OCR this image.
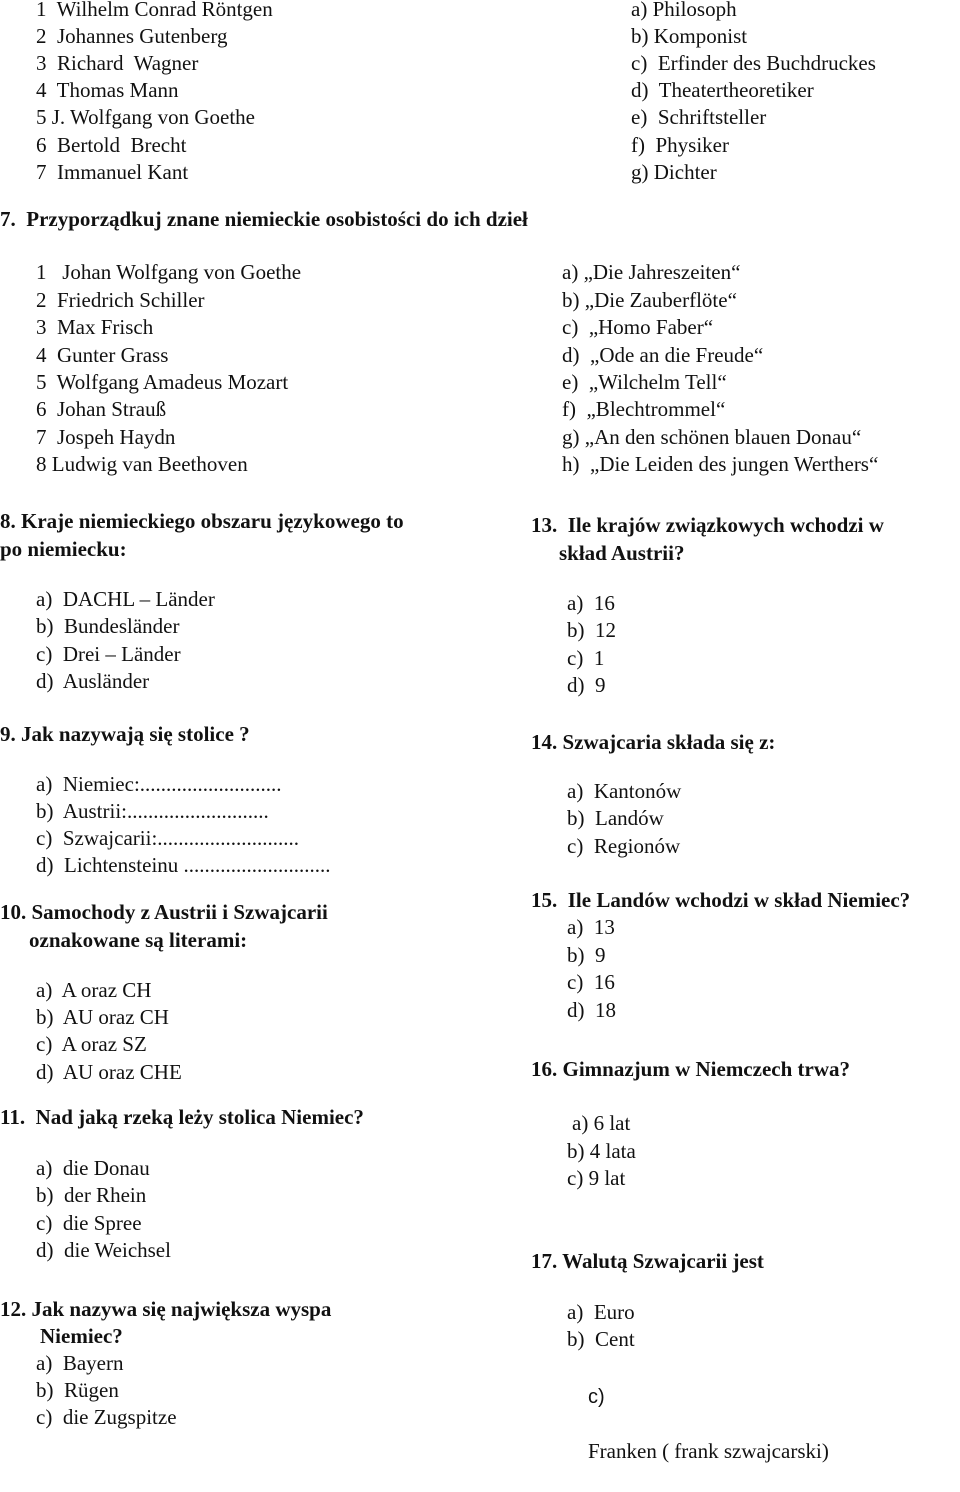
1  Wilhelm Conrad Röntgen
2  Johannes Gutenberg
3  Richard  Wagner
4  Thomas Mann
5 J. Wolfgang von Goethe
6  Bertold  Brecht
7  Immanuel Kant
a) Philosoph
b) Komponist
c)  Erfinder des Buchdruckes
d)  Theatertheoretiker
e)  Schriftsteller
f)  Physiker
g) Dichter
7.  Przyporządkuj znane niemieckie osobistości do ich dzieł
1   Johan Wolfgang von Goethe
2  Friedrich Schiller
3  Max Frisch
4  Gunter Grass
5  Wolfgang Amadeus Mozart
6  Johan Strauß
7  Jospeh Haydn
8 Ludwig van Beethoven
a) „Die Jahreszeiten“
b) „Die Zauberflöte“
c)  „Homo Faber“
d)  „Ode an die Freude“
e)  „Wilchelm Tell“
f)  „Blechtrommel“
g) „An den schönen blauen Donau“
h)  „Die Leiden des jungen Werthers“
8. Kraje niemieckiego obszaru językowego to
po niemiecku:
a)  DACHL – Länder
b)  Bundesländer
c)  Drei – Länder
d)  Ausländer
9. Jak nazywają się stolice ?
a)  Niemiec:...........................
b)  Austrii:...........................
c)  Szwajcarii:...........................
d)  Lichtensteinu ............................
10. Samochody z Austrii i Szwajcarii
oznakowane są literami:
a)  A oraz CH
b)  AU oraz CH
c)  A oraz SZ
d)  AU oraz CHE
11.  Nad jaką rzeką leży stolica Niemiec?
a)  die Donau
b)  der Rhein
c)  die Spree
d)  die Weichsel
12. Jak nazywa się największa wyspa
Niemiec?
a)  Bayern
b)  Rügen
c)  die Zugspitze
13.  Ile krajów związkowych wchodzi w
skład Austrii?
a)  16
b)  12
c)  1
d)  9
14. Szwajcaria składa się z:
a)  Kantonów
b)  Landów
c)  Regionów
15.  Ile Landów wchodzi w skład Niemiec?
a)  13
b)  9
c)  16
d)  18
16. Gimnazjum w Niemczech trwa?
a) 6 lat
b) 4 lata
c) 9 lat
17. Walutą Szwajcarii jest
a)  Euro
b)  Cent

c)

Franken ( frank szwajcarski)
